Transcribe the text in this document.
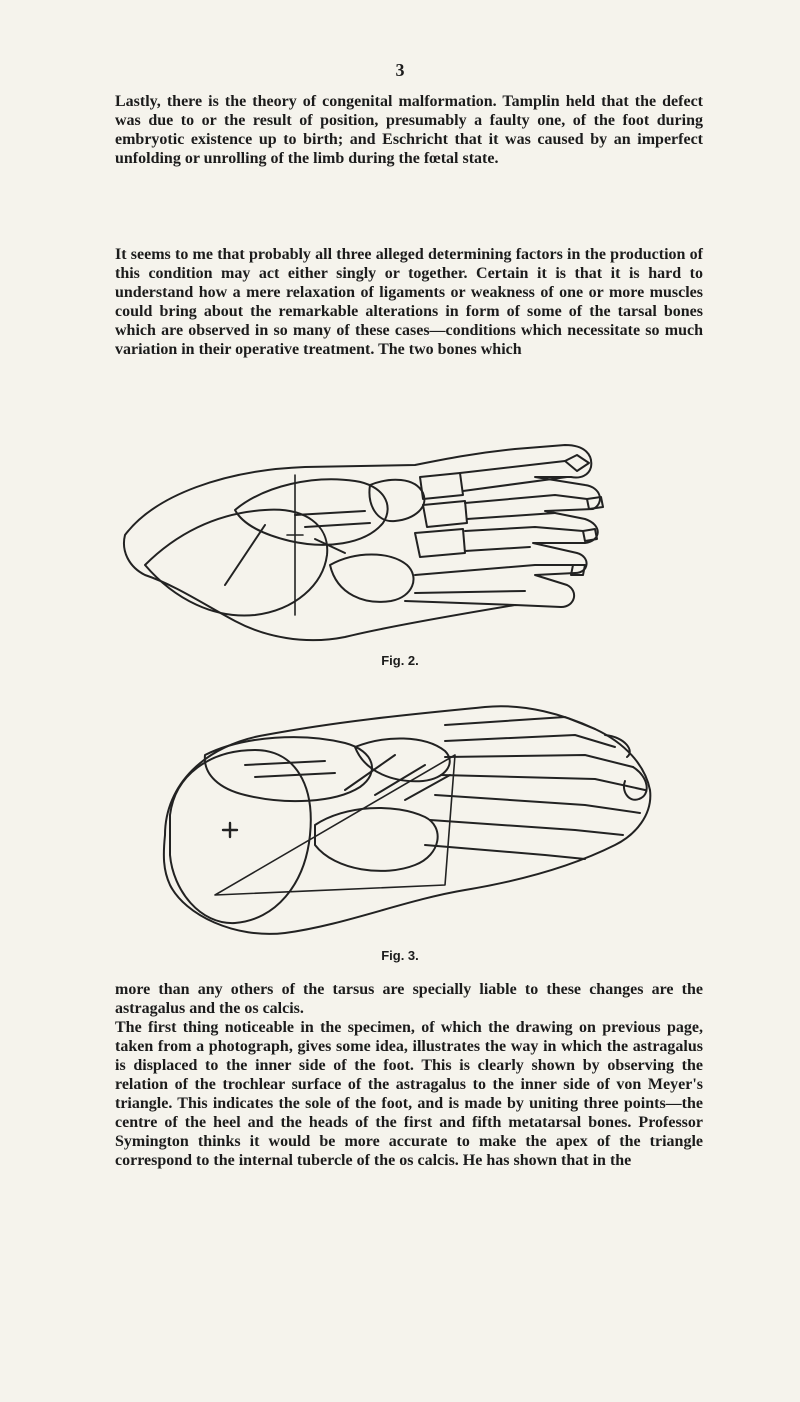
3

Lastly, there is the theory of congenital malformation. Tamplin held that the defect was due to or the result of position, presumably a faulty one, of the foot during embryotic existence up to birth; and Eschricht that it was caused by an imperfect unfolding or unrolling of the limb during the fœtal state.

It seems to me that probably all three alleged determining factors in the production of this condition may act either singly or together. Certain it is that it is hard to understand how a mere relaxation of ligaments or weakness of one or more muscles could bring about the remarkable alterations in form of some of the tarsal bones which are observed in so many of these cases—conditions which necessitate so much variation in their operative treatment. The two bones which

Fig. 2.
Fig. 3.

more than any others of the tarsus are specially liable to these changes are the astragalus and the os calcis.

The first thing noticeable in the specimen, of which the drawing on previous page, taken from a photograph, gives some idea, illustrates the way in which the astragalus is displaced to the inner side of the foot. This is clearly shown by observing the relation of the trochlear surface of the astragalus to the inner side of von Meyer's triangle. This indicates the sole of the foot, and is made by uniting three points—the centre of the heel and the heads of the first and fifth metatarsal bones. Professor Symington thinks it would be more accurate to make the apex of the triangle correspond to the internal tubercle of the os calcis. He has shown that in the
